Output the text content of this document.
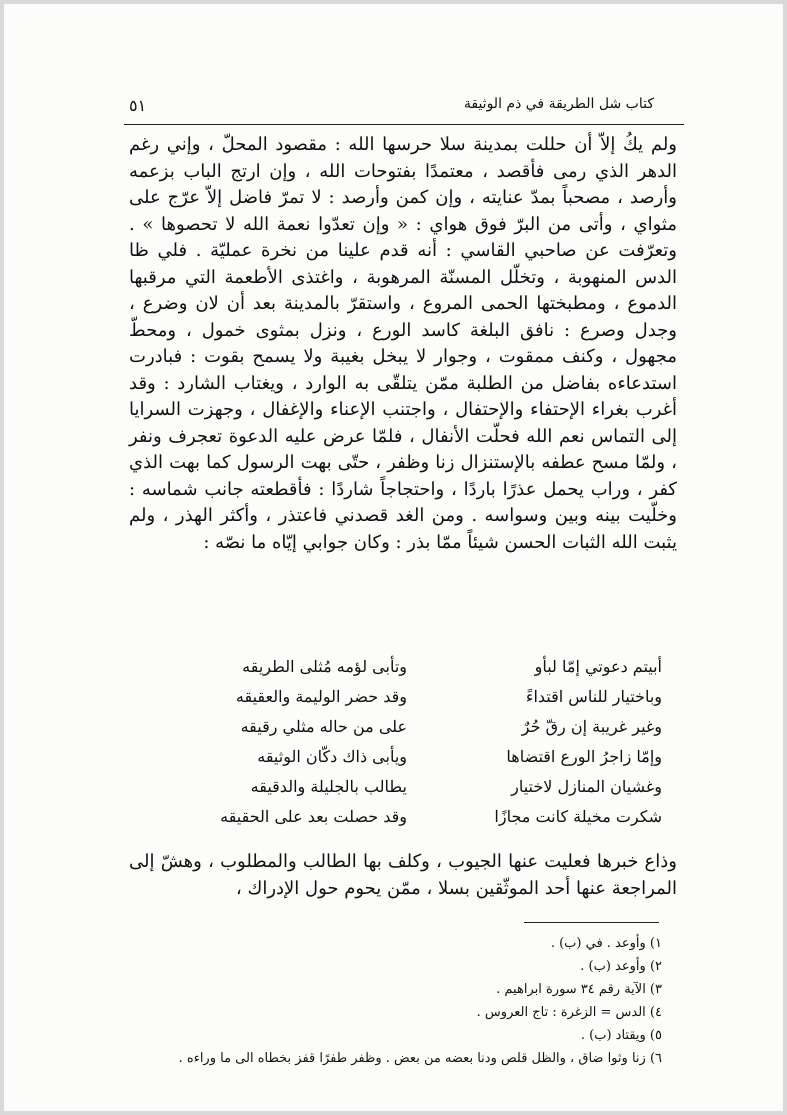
٥١	كتاب شل الطريقة في ذم الوثيقة

ولم يكُ إلاّ أن حللت بمدينة سلا حرسها الله : مقصود المحلّ ، وإني رغم الدهر الذي رمى فأقصد ، معتمدًا بفتوحات الله ، وإن ارتج الباب بزعمه وأرصد ، مصحباً بمدّ عنايته ، وإن كمن وأرصد : لا تمرّ فاضل إلاّ عرّج على مثواي ، وأتى من البرّ فوق هواي : « وإن تعدّوا نعمة الله لا تحصوها » . وتعرّفت عن صاحبي القاسي : أنه قدم علينا من نخرة عمليّة . فلي ظا الدس المنهوبة ، وتخلّل المسنّة المرهوبة ، واغتذى الأطعمة التي مرقبها الدموع ، ومطبختها الحمى المروع ، واستقرّ بالمدينة بعد أن لان وضرع ، وجدل وصرع : نافق البلغة كاسد الورع ، ونزل بمثوى خمول ، ومحطّ مجهول ، وكنف ممقوت ، وجوار لا يبخل بغيبة ولا يسمح بقوت : فبادرت استدعاءه بفاضل من الطلبة ممّن يتلقّى به الوارد ، ويغتاب الشارد : وقد أغرب بغراء الإحتفاء والإحتفال ، واجتنب الإعناء والإغفال ، وجهزت السرايا إلى التماس نعم الله فحلّت الأنفال ، فلمّا عرض عليه الدعوة تعجرف ونفر ، ولمّا مسح عطفه بالإستنزال زنا وظفر ، حتّى بهت الرسول كما بهت الذي كفر ، وراب يحمل عذرًا باردًا ، واحتجاجاً شاردًا : فأقطعته جانب شماسه : وخلّيت بينه وبين وسواسه . ومن الغد قصدني فاعتذر ، وأكثر الهذر ، ولم يثبت الله الثبات الحسن شيئاً ممّا بذر : وكان جوابي إيّاه ما نصّه :

أبيتم دعوتي إمّا لبأو
وتأبى لؤمه مُثلى الطريقه
وباختيار للناس اقتداءً
وقد حضر الوليمة والعقيقه
وغير غريبة إن رقّ حُرٌ
على من حاله مثلي رقيقه
وإمّا زاجرُ الورع اقتضاها
ويأبى ذاك دكّان الوثيقه
وغشيان المنازل لاختيار
يطالب بالجليلة والدقيقه
شكرت مخيلة كانت مجازًا
وقد حصلت بعد على الحقيقه
وذاع خبرها فعليت عنها الجيوب ، وكلف بها الطالب والمطلوب ، وهشّ إلى المراجعة عنها أحد الموثّقين بسلا ، ممّن يحوم حول الإدراك ،
١) وأوعد . في (ب) .
٢) وأوعد (ب) .
٣) الآية رقم ٣٤ سورة ابراهيم .
٤) الدس = الزغرة : تاج العروس .
٥) ويقتاد (ب) .
٦) زنا وثوا ضاق ، والظل قلص ودنا بعضه من بعض . وظفر طفرًا قفز بخطاه الى ما وراءه .
